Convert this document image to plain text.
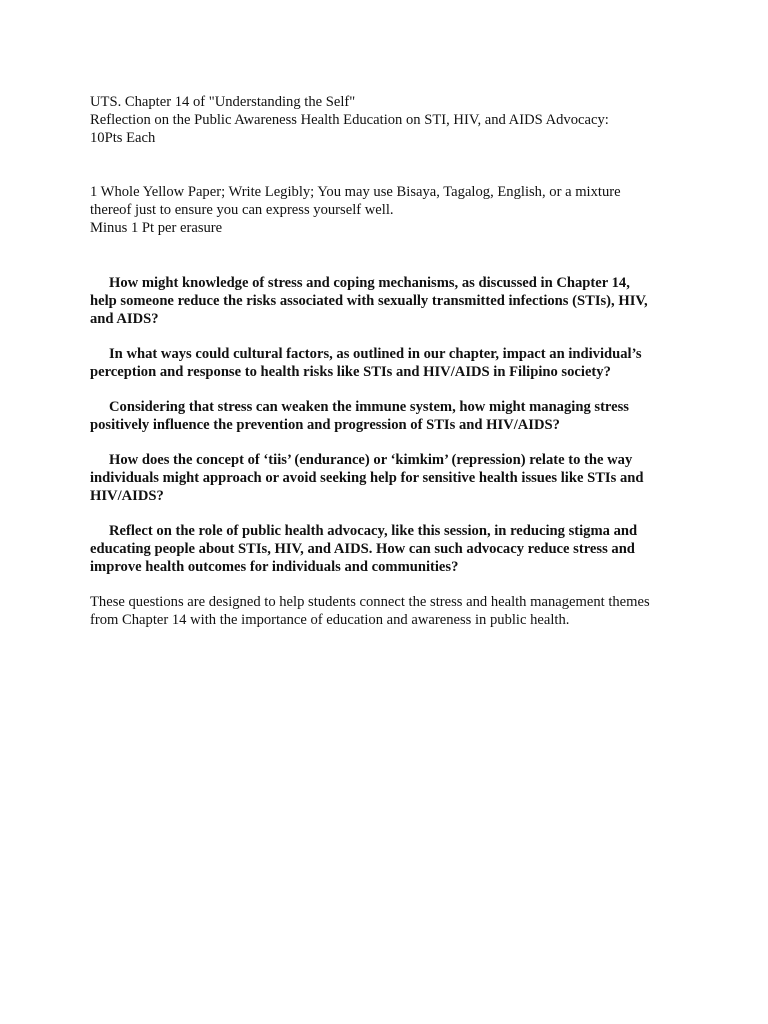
UTS. Chapter 14 of "Understanding the Self"
Reflection on the Public Awareness Health Education on STI, HIV, and AIDS Advocacy:
10Pts Each

1 Whole Yellow Paper; Write Legibly; You may use Bisaya, Tagalog, English, or a mixture
thereof just to ensure you can express yourself well.

Minus 1 Pt per erasure

How might knowledge of stress and coping mechanisms, as discussed in Chapter 14,
help someone reduce the risks associated with sexually transmitted infections (STIs), HIV,
and AIDS?

In what ways could cultural factors, as outlined in our chapter, impact an individual’s
perception and response to health risks like STIs and HIV/AIDS in Filipino society?

Considering that stress can weaken the immune system, how might managing stress
positively influence the prevention and progression of STIs and HIV/AIDS?

How does the concept of ‘tiis’ (endurance) or ‘kimkim’ (repression) relate to the way
individuals might approach or avoid seeking help for sensitive health issues like STIs and
HIV/AIDS?

Reflect on the role of public health advocacy, like this session, in reducing stigma and
educating people about STIs, HIV, and AIDS. How can such advocacy reduce stress and
improve health outcomes for individuals and communities?

These questions are designed to help students connect the stress and health management themes
from Chapter 14 with the importance of education and awareness in public health.
